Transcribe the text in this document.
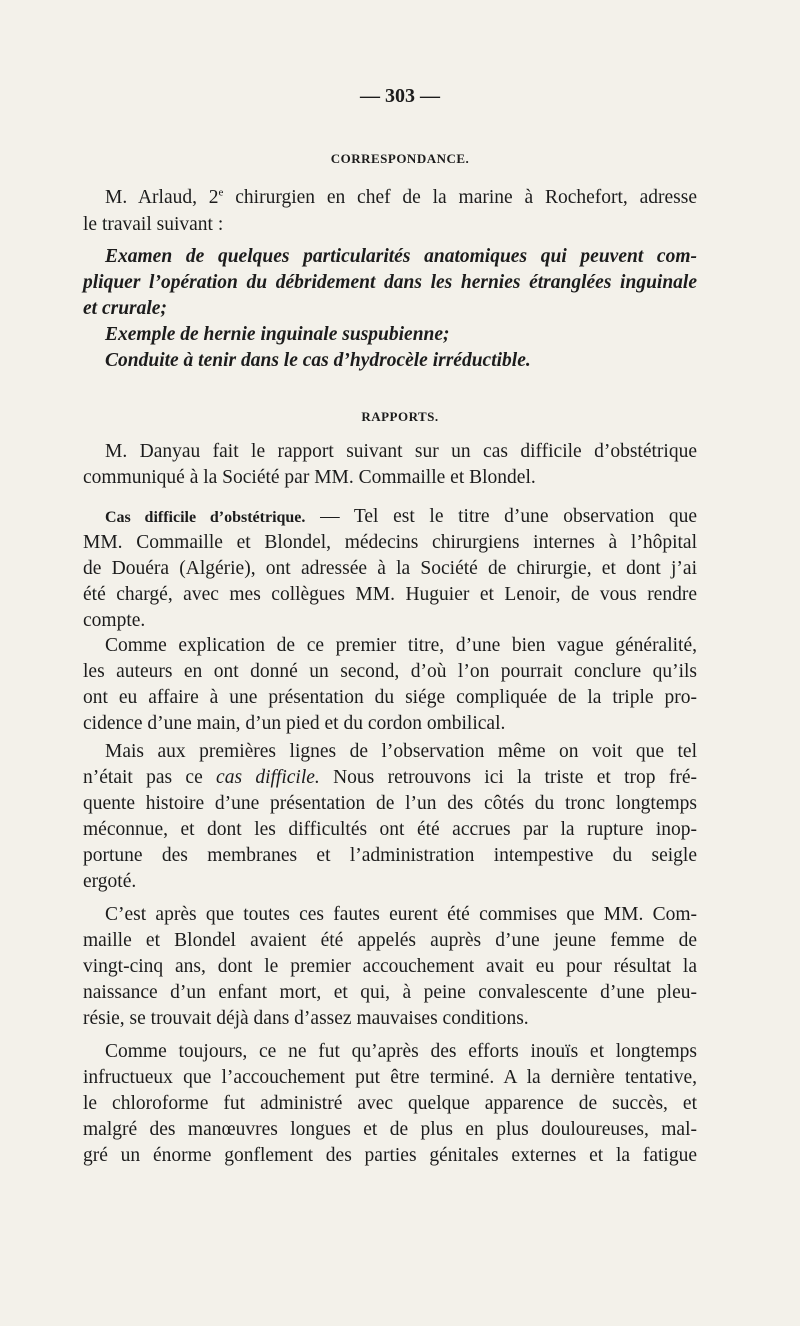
— 303 —
CORRESPONDANCE.
M. Arlaud, 2e chirurgien en chef de la marine à Rochefort, adresse
le travail suivant :
Examen de quelques particularités anatomiques qui peuvent com-
pliquer l’opération du débridement dans les hernies étranglées inguinale
et crurale;
Exemple de hernie inguinale suspubienne;
Conduite à tenir dans le cas d’hydrocèle irréductible.
RAPPORTS.
M. Danyau fait le rapport suivant sur un cas difficile d’obstétrique
communiqué à la Société par MM. Commaille et Blondel.
Cas difficile d’obstétrique. — Tel est le titre d’une observation que
MM. Commaille et Blondel, médecins chirurgiens internes à l’hôpital
de Douéra (Algérie), ont adressée à la Société de chirurgie, et dont j’ai
été chargé, avec mes collègues MM. Huguier et Lenoir, de vous rendre
compte.
Comme explication de ce premier titre, d’une bien vague généralité,
les auteurs en ont donné un second, d’où l’on pourrait conclure qu’ils
ont eu affaire à une présentation du siége compliquée de la triple pro-
cidence d’une main, d’un pied et du cordon ombilical.
Mais aux premières lignes de l’observation même on voit que tel
n’était pas ce cas difficile. Nous retrouvons ici la triste et trop fré-
quente histoire d’une présentation de l’un des côtés du tronc longtemps
méconnue, et dont les difficultés ont été accrues par la rupture inop-
portune des membranes et l’administration intempestive du seigle
ergoté.
C’est après que toutes ces fautes eurent été commises que MM. Com-
maille et Blondel avaient été appelés auprès d’une jeune femme de
vingt-cinq ans, dont le premier accouchement avait eu pour résultat la
naissance d’un enfant mort, et qui, à peine convalescente d’une pleu-
résie, se trouvait déjà dans d’assez mauvaises conditions.
Comme toujours, ce ne fut qu’après des efforts inouïs et longtemps
infructueux que l’accouchement put être terminé. A la dernière tentative,
le chloroforme fut administré avec quelque apparence de succès, et
malgré des manœuvres longues et de plus en plus douloureuses, mal-
gré un énorme gonflement des parties génitales externes et la fatigue
